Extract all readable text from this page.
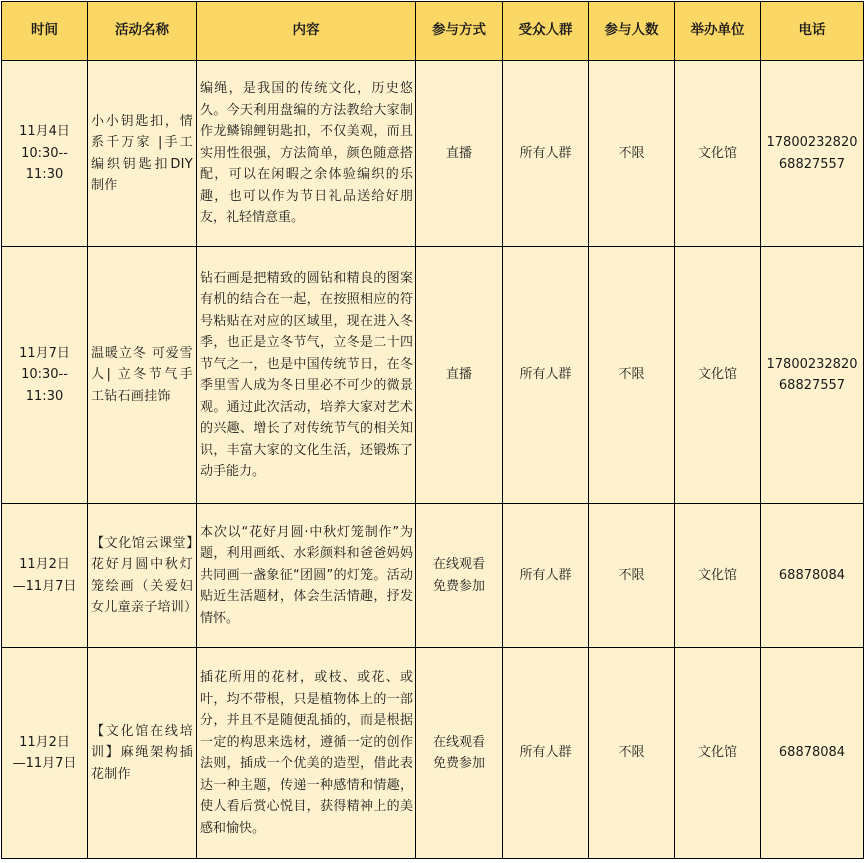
时间	活动名称	内容	参与方式	受众人群	参与人数	举办单位	电话

11月4日
10:30--
11:30	小小钥匙扣，情系千万家 |手工编织钥匙扣DIY制作	编绳，是我国的传统文化，历史悠久。今天利用盘编的方法教给大家制作龙鳞锦鲤钥匙扣，不仅美观，而且实用性很强，方法简单，颜色随意搭配，可以在闲暇之余体验编织的乐趣，也可以作为节日礼品送给好朋友，礼轻情意重。	直播	所有人群	不限	文化馆	17800232820
68827557

11月7日
10:30--
11:30	温暖立冬 可爱雪人| 立冬节气手工钻石画挂饰	钻石画是把精致的圆钻和精良的图案有机的结合在一起，在按照相应的符号粘贴在对应的区域里，现在进入冬季，也正是立冬节气，立冬是二十四节气之一，也是中国传统节日，在冬季里雪人成为冬日里必不可少的微景观。通过此次活动，培养大家对艺术的兴趣、增长了对传统节气的相关知识，丰富大家的文化生活，还锻炼了动手能力。	直播	所有人群	不限	文化馆	17800232820
68827557

11月2日
—11月7日	【文化馆云课堂】花好月圆中秋灯笼绘画（关爱妇女儿童亲子培训）	本次以“花好月圆·中秋灯笼制作”为题，利用画纸、水彩颜料和爸爸妈妈共同画一盏象征“团圆”的灯笼。活动贴近生活题材，体会生活情趣，抒发情怀。	在线观看
免费参加	所有人群	不限	文化馆	68878084

11月2日
—11月7日	【文化馆在线培训】麻绳架构插花制作	插花所用的花材，或枝、或花、或叶，均不带根，只是植物体上的一部分，并且不是随便乱插的，而是根据一定的构思来选材，遵循一定的创作法则，插成一个优美的造型，借此表达一种主题，传递一种感情和情趣，使人看后赏心悦目，获得精神上的美感和愉快。	在线观看
免费参加	所有人群	不限	文化馆	68878084
